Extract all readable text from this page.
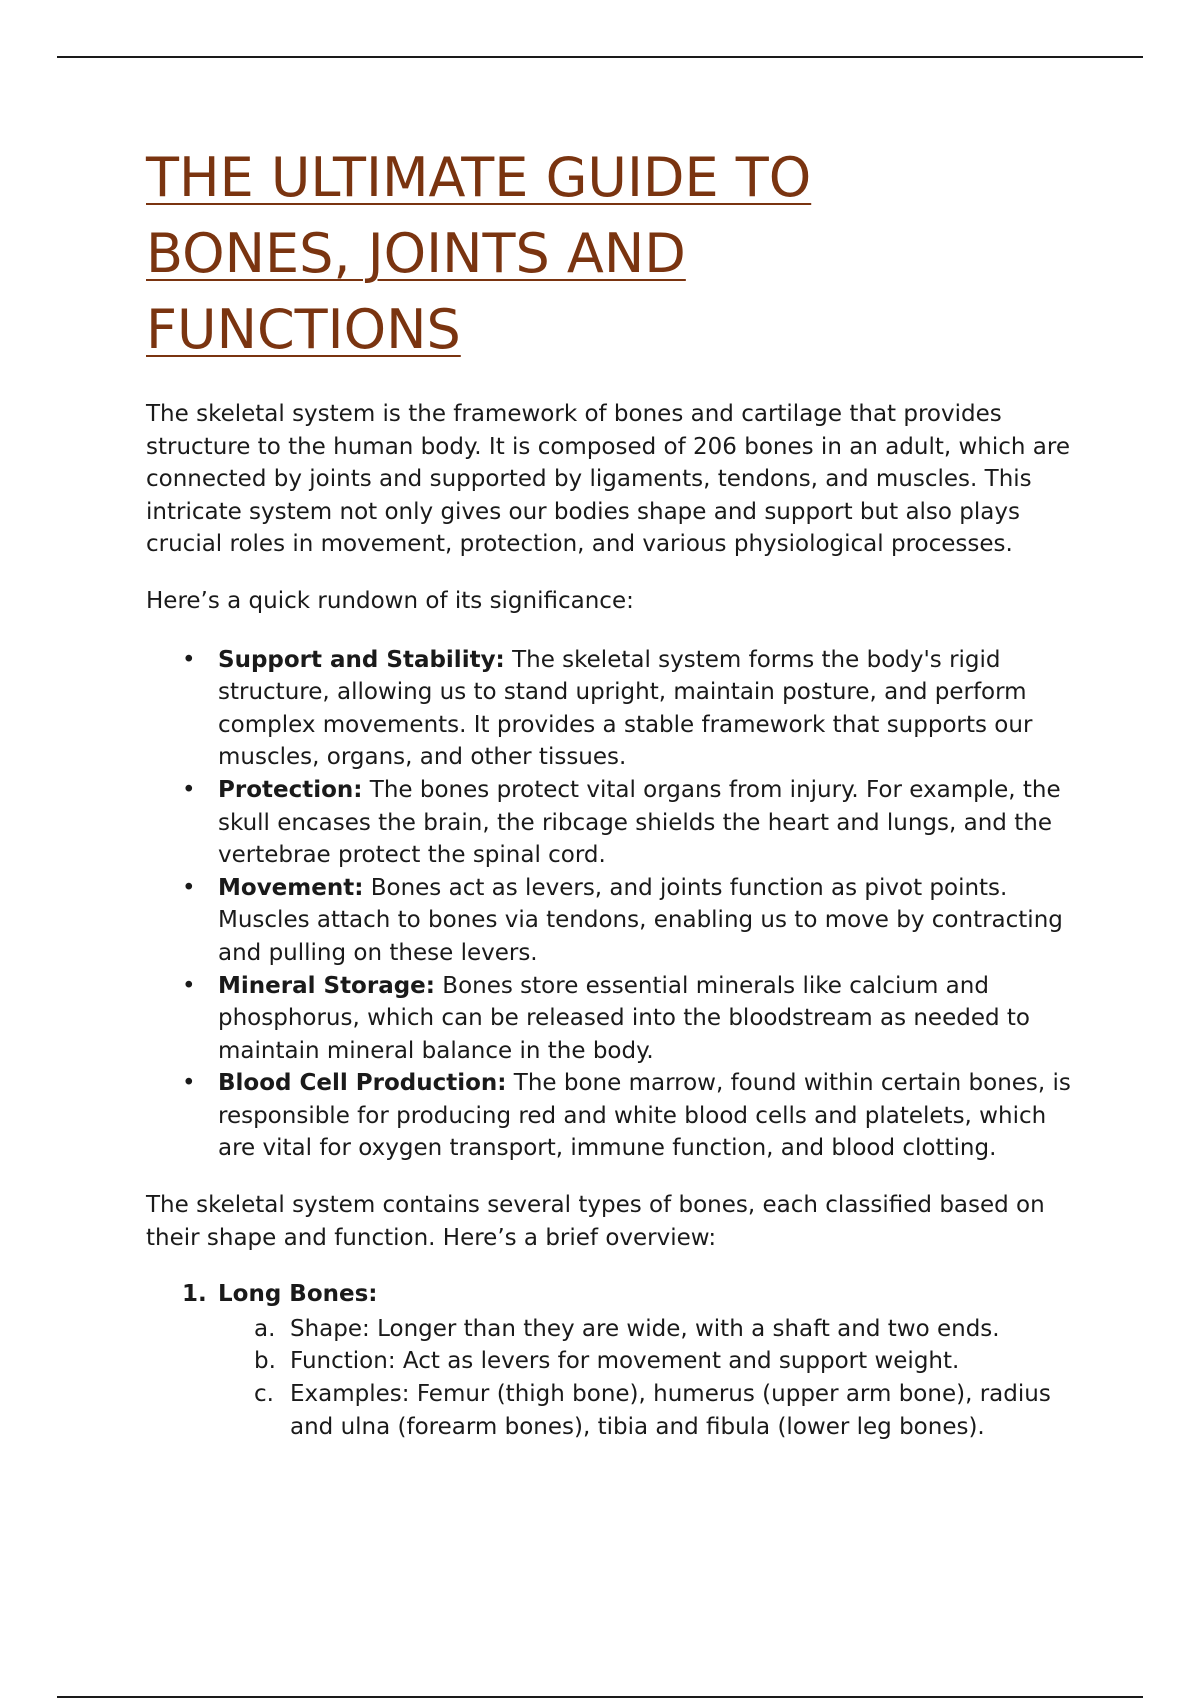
THE ULTIMATE GUIDE TO
BONES, JOINTS AND
FUNCTIONS

The skeletal system is the framework of bones and cartilage that provides structure to the human body. It is composed of 206 bones in an adult, which are connected by joints and supported by ligaments, tendons, and muscles. This intricate system not only gives our bodies shape and support but also plays crucial roles in movement, protection, and various physiological processes.

Here’s a quick rundown of its significance:

• Support and Stability: The skeletal system forms the body's rigid structure, allowing us to stand upright, maintain posture, and perform complex movements. It provides a stable framework that supports our muscles, organs, and other tissues.
• Protection: The bones protect vital organs from injury. For example, the skull encases the brain, the ribcage shields the heart and lungs, and the vertebrae protect the spinal cord.
• Movement: Bones act as levers, and joints function as pivot points. Muscles attach to bones via tendons, enabling us to move by contracting and pulling on these levers.
• Mineral Storage: Bones store essential minerals like calcium and phosphorus, which can be released into the bloodstream as needed to maintain mineral balance in the body.
• Blood Cell Production: The bone marrow, found within certain bones, is responsible for producing red and white blood cells and platelets, which are vital for oxygen transport, immune function, and blood clotting.

The skeletal system contains several types of bones, each classified based on their shape and function. Here’s a brief overview:

1. Long Bones:
a. Shape: Longer than they are wide, with a shaft and two ends.
b. Function: Act as levers for movement and support weight.
c. Examples: Femur (thigh bone), humerus (upper arm bone), radius and ulna (forearm bones), tibia and fibula (lower leg bones).
